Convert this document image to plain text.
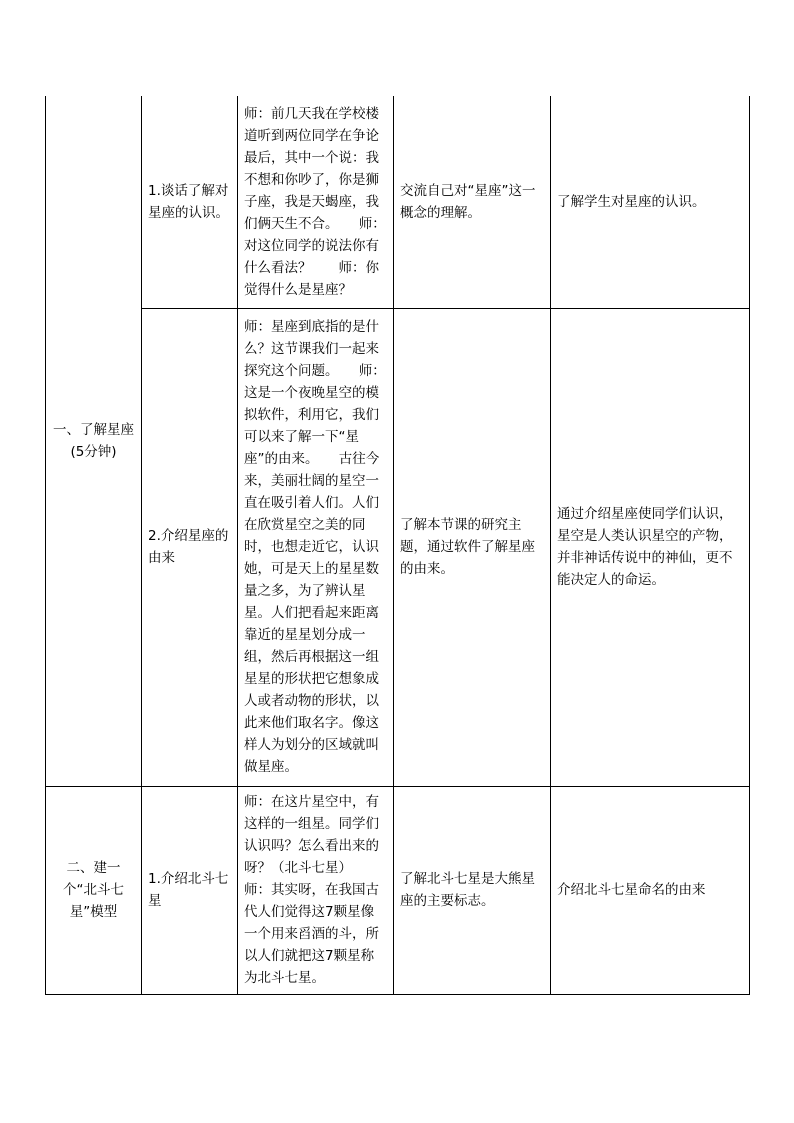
一、了解星座(5分钟)	1.谈话了解对星座的认识。	师：前几天我在学校楼道听到两位同学在争论最后，其中一个说：我不想和你吵了，你是狮子座，我是天蝎座，我们俩天生不合。　　师：对这位同学的说法你有什么看法？　　师：你觉得什么是星座？	交流自己对“星座”这一概念的理解。	了解学生对星座的认识。
	2.介绍星座的由来	师：星座到底指的是什么？这节课我们一起来探究这个问题。　　师：这是一个夜晚星空的模拟软件，利用它，我们可以来了解一下“星座”的由来。　　古往今来，美丽壮阔的星空一直在吸引着人们。人们在欣赏星空之美的同时，也想走近它，认识她，可是天上的星星数量之多，为了辨认星星。人们把看起来距离靠近的星星划分成一组，然后再根据这一组星星的形状把它想象成人或者动物的形状，以此来他们取名字。像这样人为划分的区域就叫做星座。	了解本节课的研究主题，通过软件了解星座的由来。	通过介绍星座使同学们认识，星空是人类认识星空的产物，并非神话传说中的神仙，更不能决定人的命运。
二、建一个“北斗七星”模型	1.介绍北斗七星	师：在这片星空中，有这样的一组星。同学们认识吗？怎么看出来的呀？（北斗七星）　　师：其实呀，在我国古代人们觉得这7颗星像一个用来舀酒的斗，所以人们就把这7颗星称为北斗七星。	了解北斗七星是大熊星座的主要标志。	介绍北斗七星命名的由来
